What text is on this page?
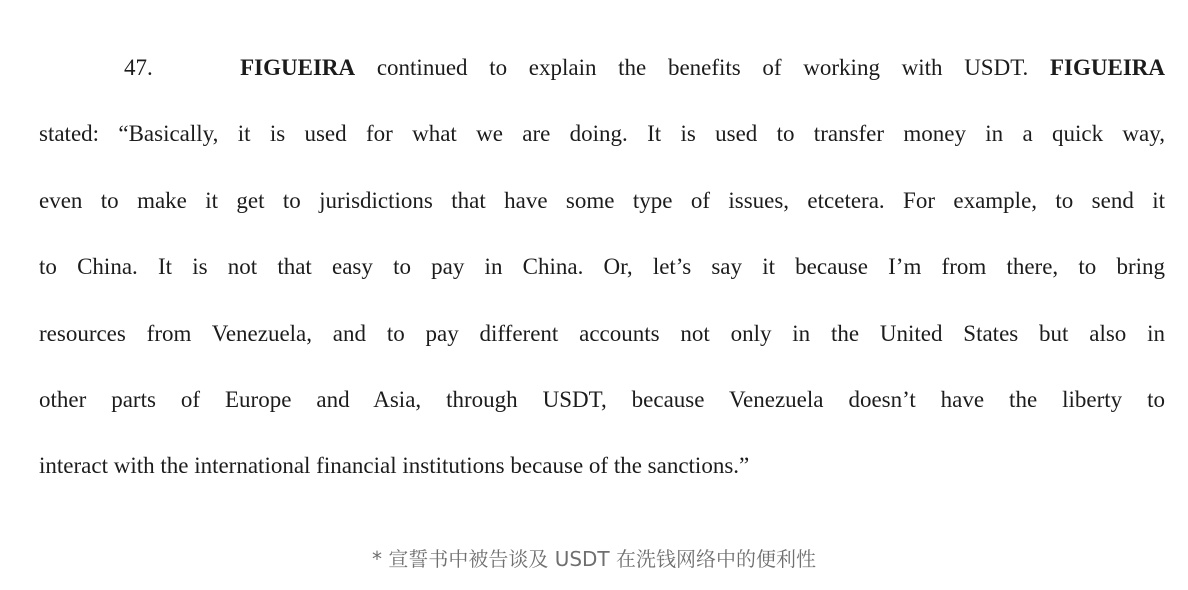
47.	FIGUEIRA continued to explain the benefits of working with USDT. FIGUEIRA
stated: “Basically, it is used for what we are doing. It is used to transfer money in a quick way,
even to make it get to jurisdictions that have some type of issues, etcetera. For example, to send it
to China. It is not that easy to pay in China. Or, let’s say it because I’m from there, to bring
resources from Venezuela, and to pay different accounts not only in the United States but also in
other parts of Europe and Asia, through USDT, because Venezuela doesn’t have the liberty to
interact with the international financial institutions because of the sanctions.”
* 宣誓书中被告谈及 USDT 在洗钱网络中的便利性
